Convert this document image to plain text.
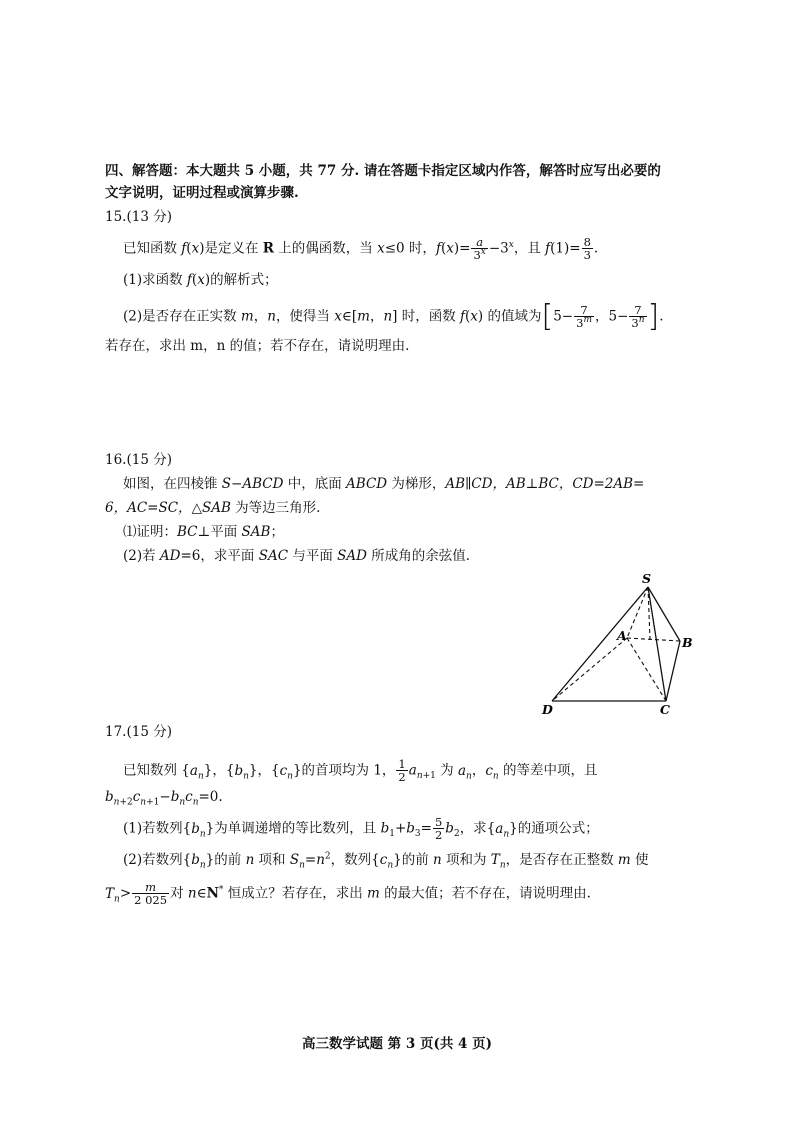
四、解答题：本大题共 5 小题，共 77 分. 请在答题卡指定区域内作答，解答时应写出必要的
文字说明，证明过程或演算步骤.
15.(13 分)
已知函数 f(x)是定义在 R 上的偶函数，当 x≤0 时，$f(x)= \frac{a}{3^x} -3^x$，且 $f(1)= \frac{8}{3}$ .
(1)求函数 f(x)的解析式；
(2)是否存在正实数 m，n，使得当 x∈[m，n] 时，函数 f(x) 的值域为[$5- \frac{7}{3^m}$ ，$5- \frac{7}{3^n}$ ].
若存在，求出 m，n 的值；若不存在，请说明理由.
16.(15 分)
如图，在四棱锥 S−ABCD 中，底面 ABCD 为梯形，AB∥CD，AB⊥BC，CD=2AB=
6，AC=SC，△SAB 为等边三角形.
⑴证明：BC⊥平面 SAB；
(2)若 AD=6，求平面 SAC 与平面 SAD 所成角的余弦值.
S
A	B
C
D
17.(15 分)
已知数列 $\{a_n\}$，$\{b_n\}$，$\{c_n\}$的首项均为 1， $\frac{1}{2} a_{n+1}$ 为 $a_n$，$c_n$ 的等差中项，且
$b_{n+2}c_{n+1}-b_nc_n=0$.
(1)若数列$\{b_n\}$为单调递增的等比数列，且 $b_1+b_3= \frac{5}{2} b_2$，求$\{a_n\}$的通项公式；
(2)若数列$\{b_n\}$的前 n 项和 $S_n=n^2$，数列$\{c_n\}$的前 n 项和为 $T_n$，是否存在正整数 m 使
$T_n> \frac{m}{2 025}$ 对 n∈N* 恒成立？若存在，求出 m 的最大值；若不存在，请说明理由.
高三数学试题 第 3 页(共 4 页)
